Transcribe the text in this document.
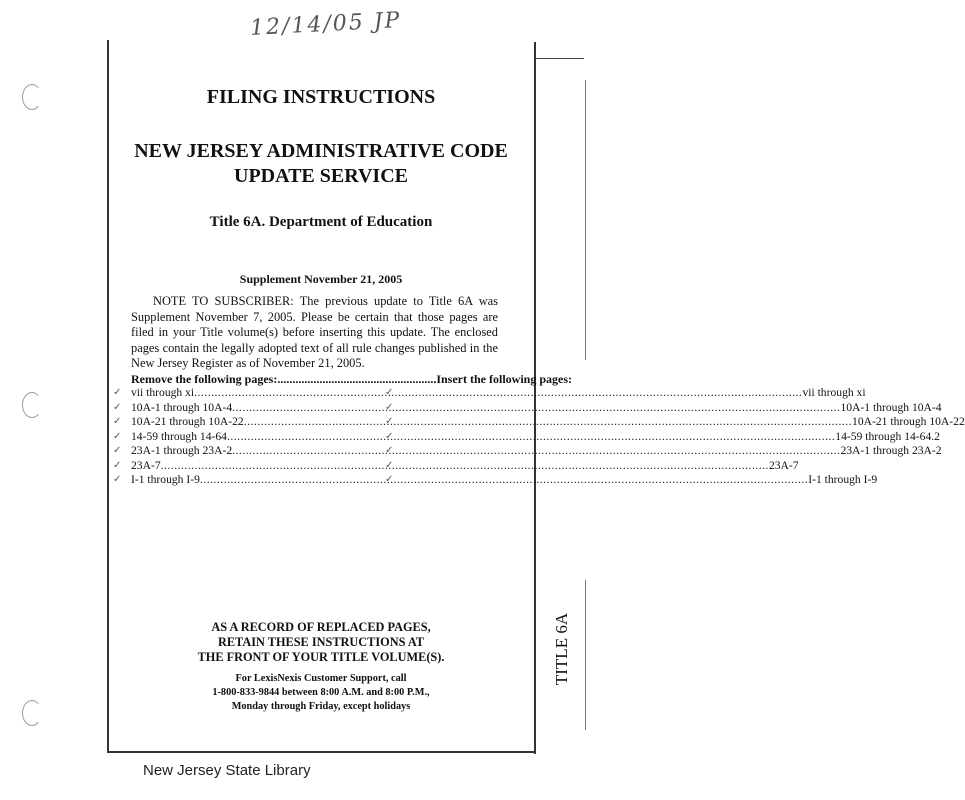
12/14/05 JP
FILING INSTRUCTIONS
NEW JERSEY ADMINISTRATIVE CODE
UPDATE SERVICE
Title 6A. Department of Education
Supplement November 21, 2005
NOTE TO SUBSCRIBER: The previous update to Title 6A was Supplement November 7, 2005. Please be certain that those pages are filed in your Title volume(s) before inserting this update. The enclosed pages contain the legally adopted text of all rule changes published in the New Jersey Register as of November 21, 2005.
Remove the following pages: ..................................................... Insert the following pages:
vii through xi .....	vii through xi
10A-1 through 10A-4 .....	10A-1 through 10A-4
10A-21 through 10A-22 .....	10A-21 through 10A-22
14-59 through 14-64 .....	14-59 through 14-64.2
23A-1 through 23A-2 .....	23A-1 through 23A-2
23A-7 .....	23A-7
I-1 through I-9 .....	I-1 through I-9
✓
✓
✓
✓
✓
✓
✓
✓
✓
✓
✓
✓
✓
✓
AS A RECORD OF REPLACED PAGES,
RETAIN THESE INSTRUCTIONS AT
THE FRONT OF YOUR TITLE VOLUME(S).
For LexisNexis Customer Support, call
1-800-833-9844 between 8:00 A.M. and 8:00 P.M.,
Monday through Friday, except holidays
TITLE 6A
New Jersey State Library
